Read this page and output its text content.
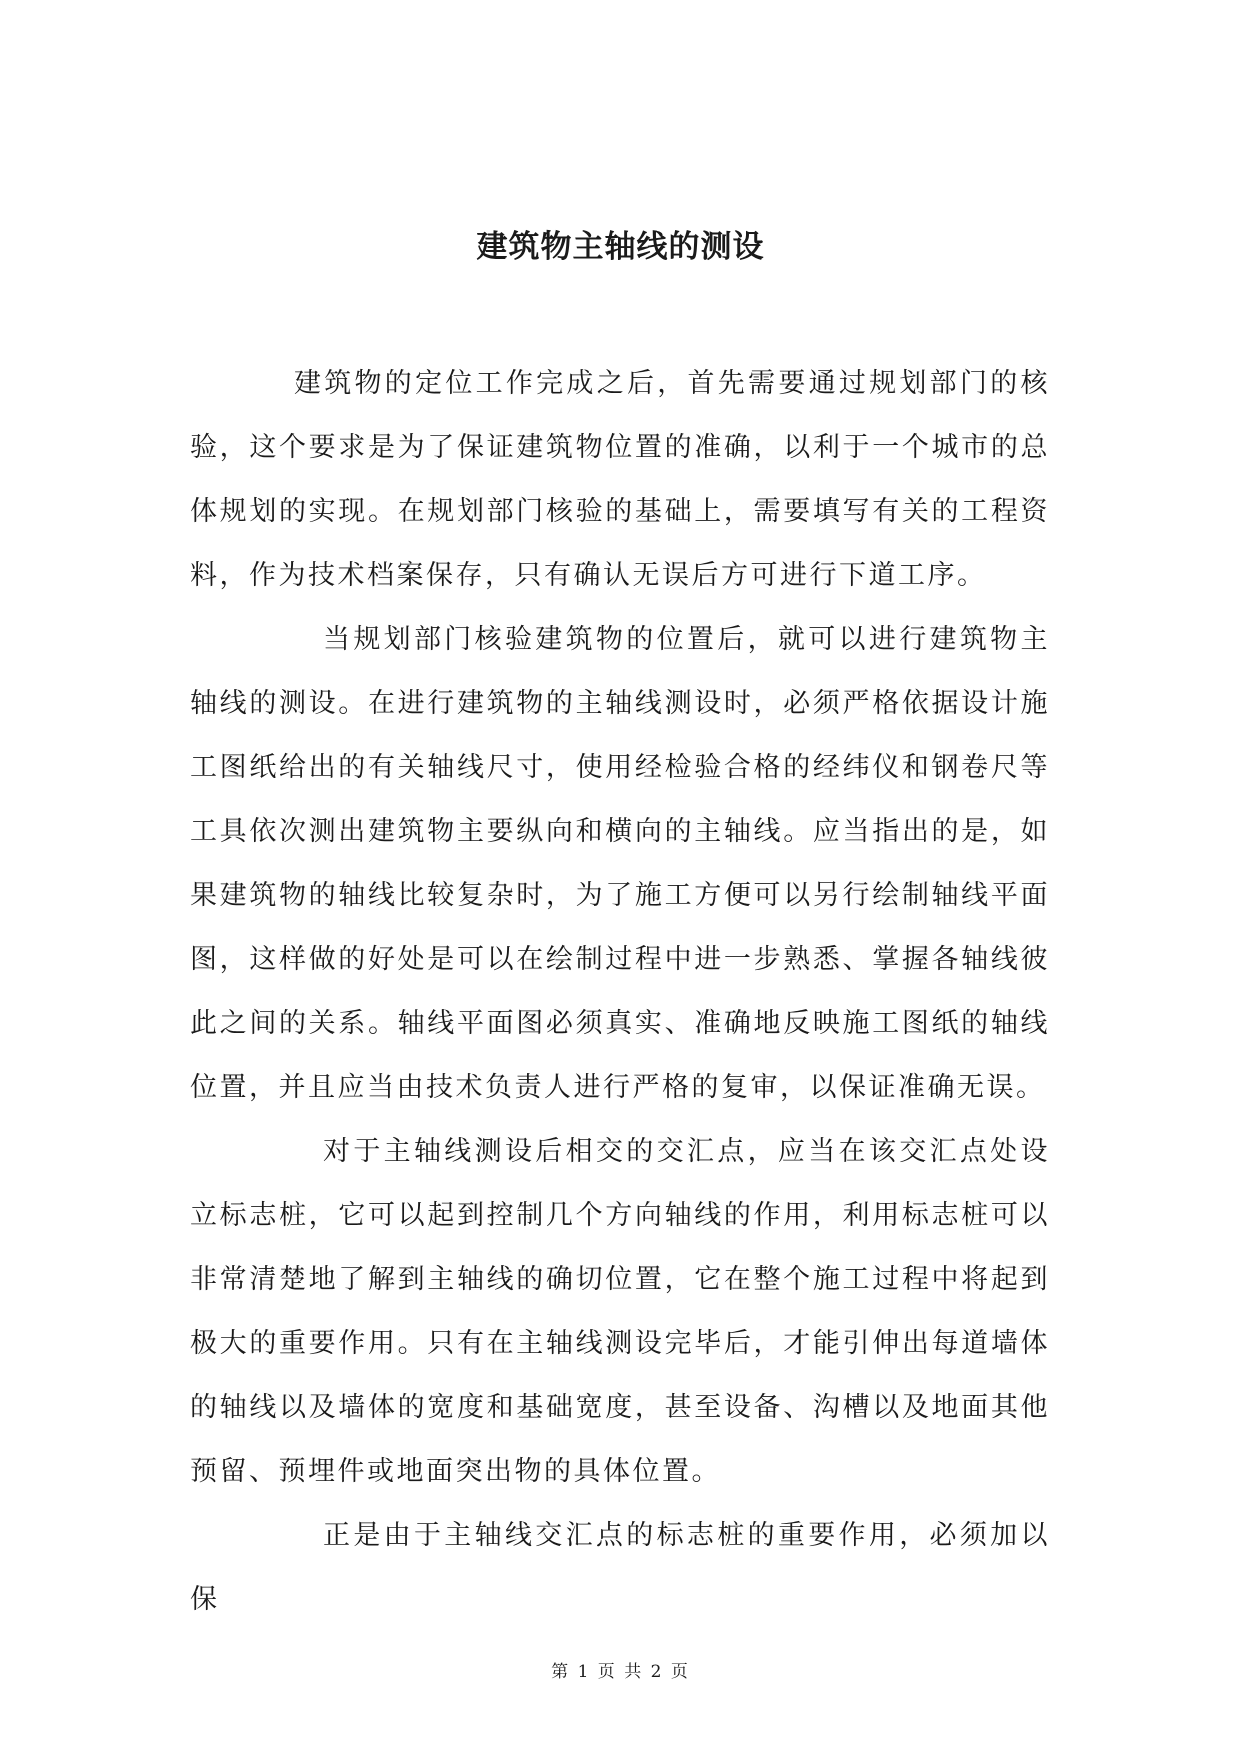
建筑物主轴线的测设

建筑物的定位工作完成之后，首先需要通过规划部门的核验，这个要求是为了保证建筑物位置的准确，以利于一个城市的总体规划的实现。在规划部门核验的基础上，需要填写有关的工程资料，作为技术档案保存，只有确认无误后方可进行下道工序。

当规划部门核验建筑物的位置后，就可以进行建筑物主轴线的测设。在进行建筑物的主轴线测设时，必须严格依据设计施工图纸给出的有关轴线尺寸，使用经检验合格的经纬仪和钢卷尺等工具依次测出建筑物主要纵向和横向的主轴线。应当指出的是，如果建筑物的轴线比较复杂时，为了施工方便可以另行绘制轴线平面图，这样做的好处是可以在绘制过程中进一步熟悉、掌握各轴线彼此之间的关系。轴线平面图必须真实、准确地反映施工图纸的轴线位置，并且应当由技术负责人进行严格的复审，以保证准确无误。

对于主轴线测设后相交的交汇点，应当在该交汇点处设立标志桩，它可以起到控制几个方向轴线的作用，利用标志桩可以非常清楚地了解到主轴线的确切位置，它在整个施工过程中将起到极大的重要作用。只有在主轴线测设完毕后，才能引伸出每道墙体的轴线以及墙体的宽度和基础宽度，甚至设备、沟槽以及地面其他预留、预埋件或地面突出物的具体位置。

正是由于主轴线交汇点的标志桩的重要作用，必须加以保

第 1 页 共 2 页
